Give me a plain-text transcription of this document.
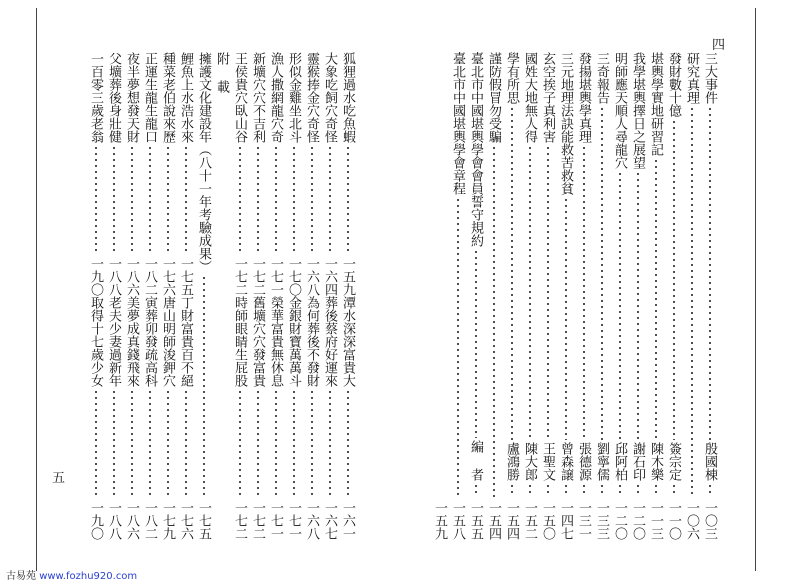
狐狸過水吃魚蝦
一五九
潭水深深富貴大
一六一
大象吃飼穴奇怪
一六四
葬後蔡府好運來
一六七
靈猴捧金穴奇怪
一六八
為何葬後不發財
一六八
形似金雞坐北斗
一七〇
金銀財寶萬萬斗
一七一
漁人撒網龍穴奇
一七一
榮華富貴無休息
一七一
新壙穴穴不吉利
一七二
舊壙穴穴發富貴
一七二
王侯貴穴臥山谷
一七二
時師眼睛生屁股
一七二
附 載
擁護文化建設年（八十一年考驗成果）
一七五
鯉魚上水浩水來
一七五
丁財富貴百不絕
一七六
種菜老伯說來歷
一七六
唐山明師浚鉀穴
一七九
正運生龍生龍口
一八二
寅葬卯發疏高科
一八二
夜半夢想發天財
一八六
美夢成真錢飛來
一八六
父壙葬後身壯健
一八八
老夫少妻過新年
一八八
一百零三歲老翁
一九〇
取得十七歲少女
一九〇
三大事件
殷國棟
一〇三
研究真理
一〇六
發財數十億
簽宗定
一一〇
堪輿學實地研習記
陳木樂
一一三
我學堪輿擇日之展望
謝石印
一二〇
明師應天順人尋龍穴
邱阿柏
一二〇
三奇報告
劉寧儒
一三三
發揚堪輿學真理
張德源
一三一
三元地理法訣能救苦救貧
曾森譲
一四七
玄空挨子真利害
王聖文
一五〇
國姓大地無人得
陳大郎
一五二
學有所思
盧鴻勝
一五四
謹防假冒勿受騙
一五四
臺北市中國堪輿學會會員誓守規約
編 者
一五五
臺北市中國堪輿學會章程
一五八
一五九
五
四
古易苑 www.fozhu920.com
